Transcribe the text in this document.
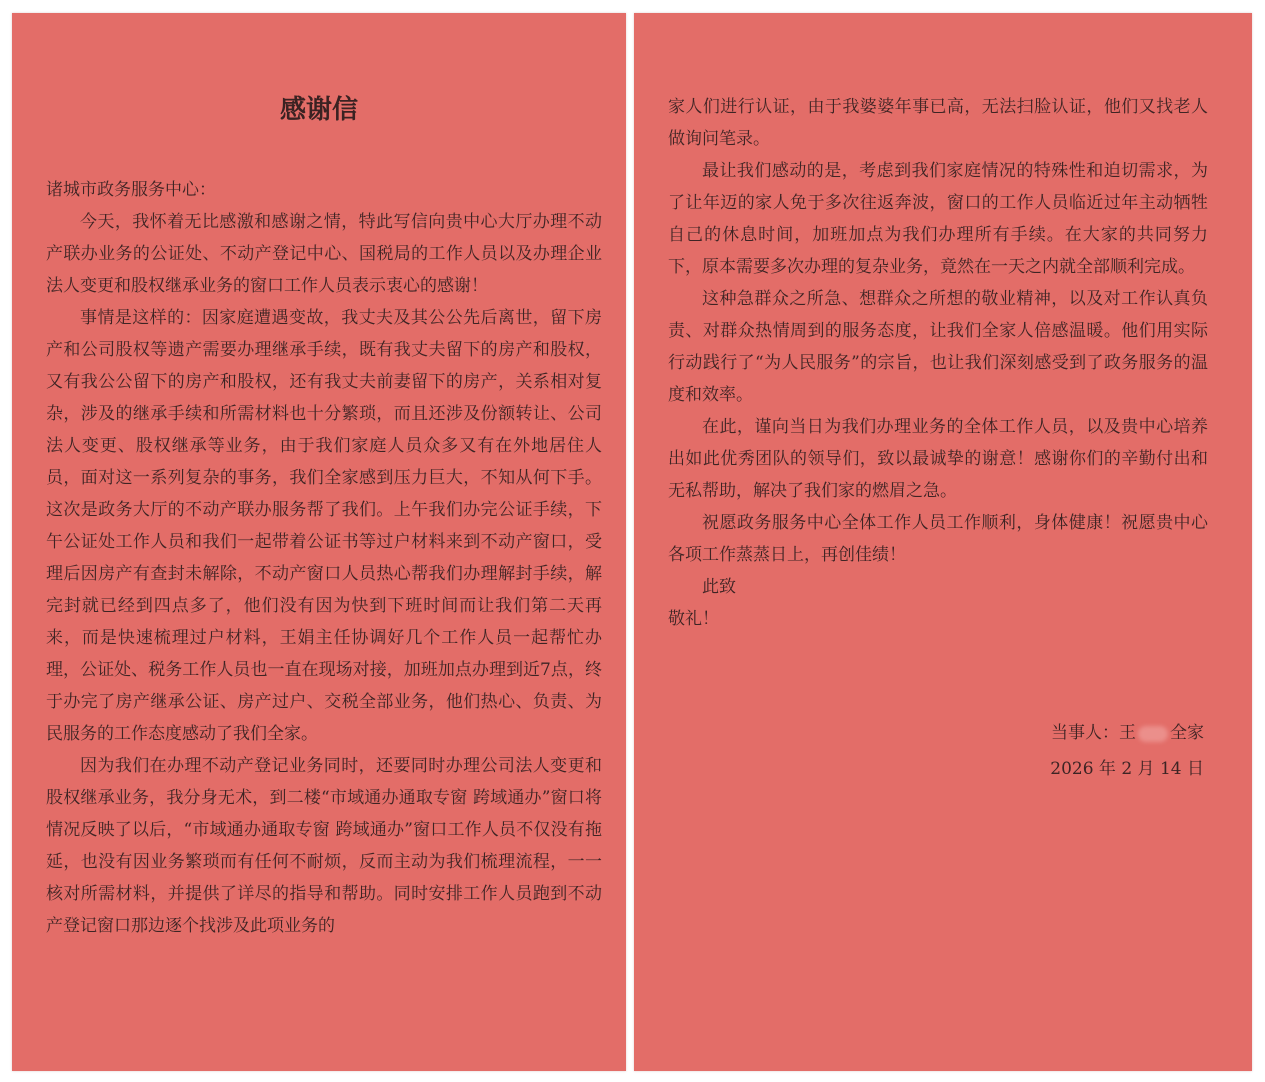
感谢信

诸城市政务服务中心：

今天，我怀着无比感激和感谢之情，特此写信向贵中心大厅办理不动产联办业务的公证处、不动产登记中心、国税局的工作人员以及办理企业法人变更和股权继承业务的窗口工作人员表示衷心的感谢！

事情是这样的：因家庭遭遇变故，我丈夫及其公公先后离世，留下房产和公司股权等遗产需要办理继承手续，既有我丈夫留下的房产和股权，又有我公公留下的房产和股权，还有我丈夫前妻留下的房产，关系相对复杂，涉及的继承手续和所需材料也十分繁琐，而且还涉及份额转让、公司法人变更、股权继承等业务，由于我们家庭人员众多又有在外地居住人员，面对这一系列复杂的事务，我们全家感到压力巨大，不知从何下手。这次是政务大厅的不动产联办服务帮了我们。上午我们办完公证手续，下午公证处工作人员和我们一起带着公证书等过户材料来到不动产窗口，受理后因房产有查封未解除，不动产窗口人员热心帮我们办理解封手续，解完封就已经到四点多了，他们没有因为快到下班时间而让我们第二天再来，而是快速梳理过户材料，王娟主任协调好几个工作人员一起帮忙办理，公证处、税务工作人员也一直在现场对接，加班加点办理到近7点，终于办完了房产继承公证、房产过户、交税全部业务，他们热心、负责、为民服务的工作态度感动了我们全家。

因为我们在办理不动产登记业务同时，还要同时办理公司法人变更和股权继承业务，我分身无术，到二楼“市域通办通取专窗 跨域通办”窗口将情况反映了以后，“市域通办通取专窗 跨域通办”窗口工作人员不仅没有拖延，也没有因业务繁琐而有任何不耐烦，反而主动为我们梳理流程，一一核对所需材料，并提供了详尽的指导和帮助。同时安排工作人员跑到不动产登记窗口那边逐个找涉及此项业务的

家人们进行认证，由于我婆婆年事已高，无法扫脸认证，他们又找老人做询问笔录。

最让我们感动的是，考虑到我们家庭情况的特殊性和迫切需求，为了让年迈的家人免于多次往返奔波，窗口的工作人员临近过年主动牺牲自己的休息时间，加班加点为我们办理所有手续。在大家的共同努力下，原本需要多次办理的复杂业务，竟然在一天之内就全部顺利完成。

这种急群众之所急、想群众之所想的敬业精神，以及对工作认真负责、对群众热情周到的服务态度，让我们全家人倍感温暖。他们用实际行动践行了“为人民服务”的宗旨，也让我们深刻感受到了政务服务的温度和效率。

在此，谨向当日为我们办理业务的全体工作人员，以及贵中心培养出如此优秀团队的领导们，致以最诚挚的谢意！感谢你们的辛勤付出和无私帮助，解决了我们家的燃眉之急。

祝愿政务服务中心全体工作人员工作顺利，身体健康！祝愿贵中心各项工作蒸蒸日上，再创佳绩！

此致

敬礼！

当事人：王 全家

2026 年 2 月 14 日
